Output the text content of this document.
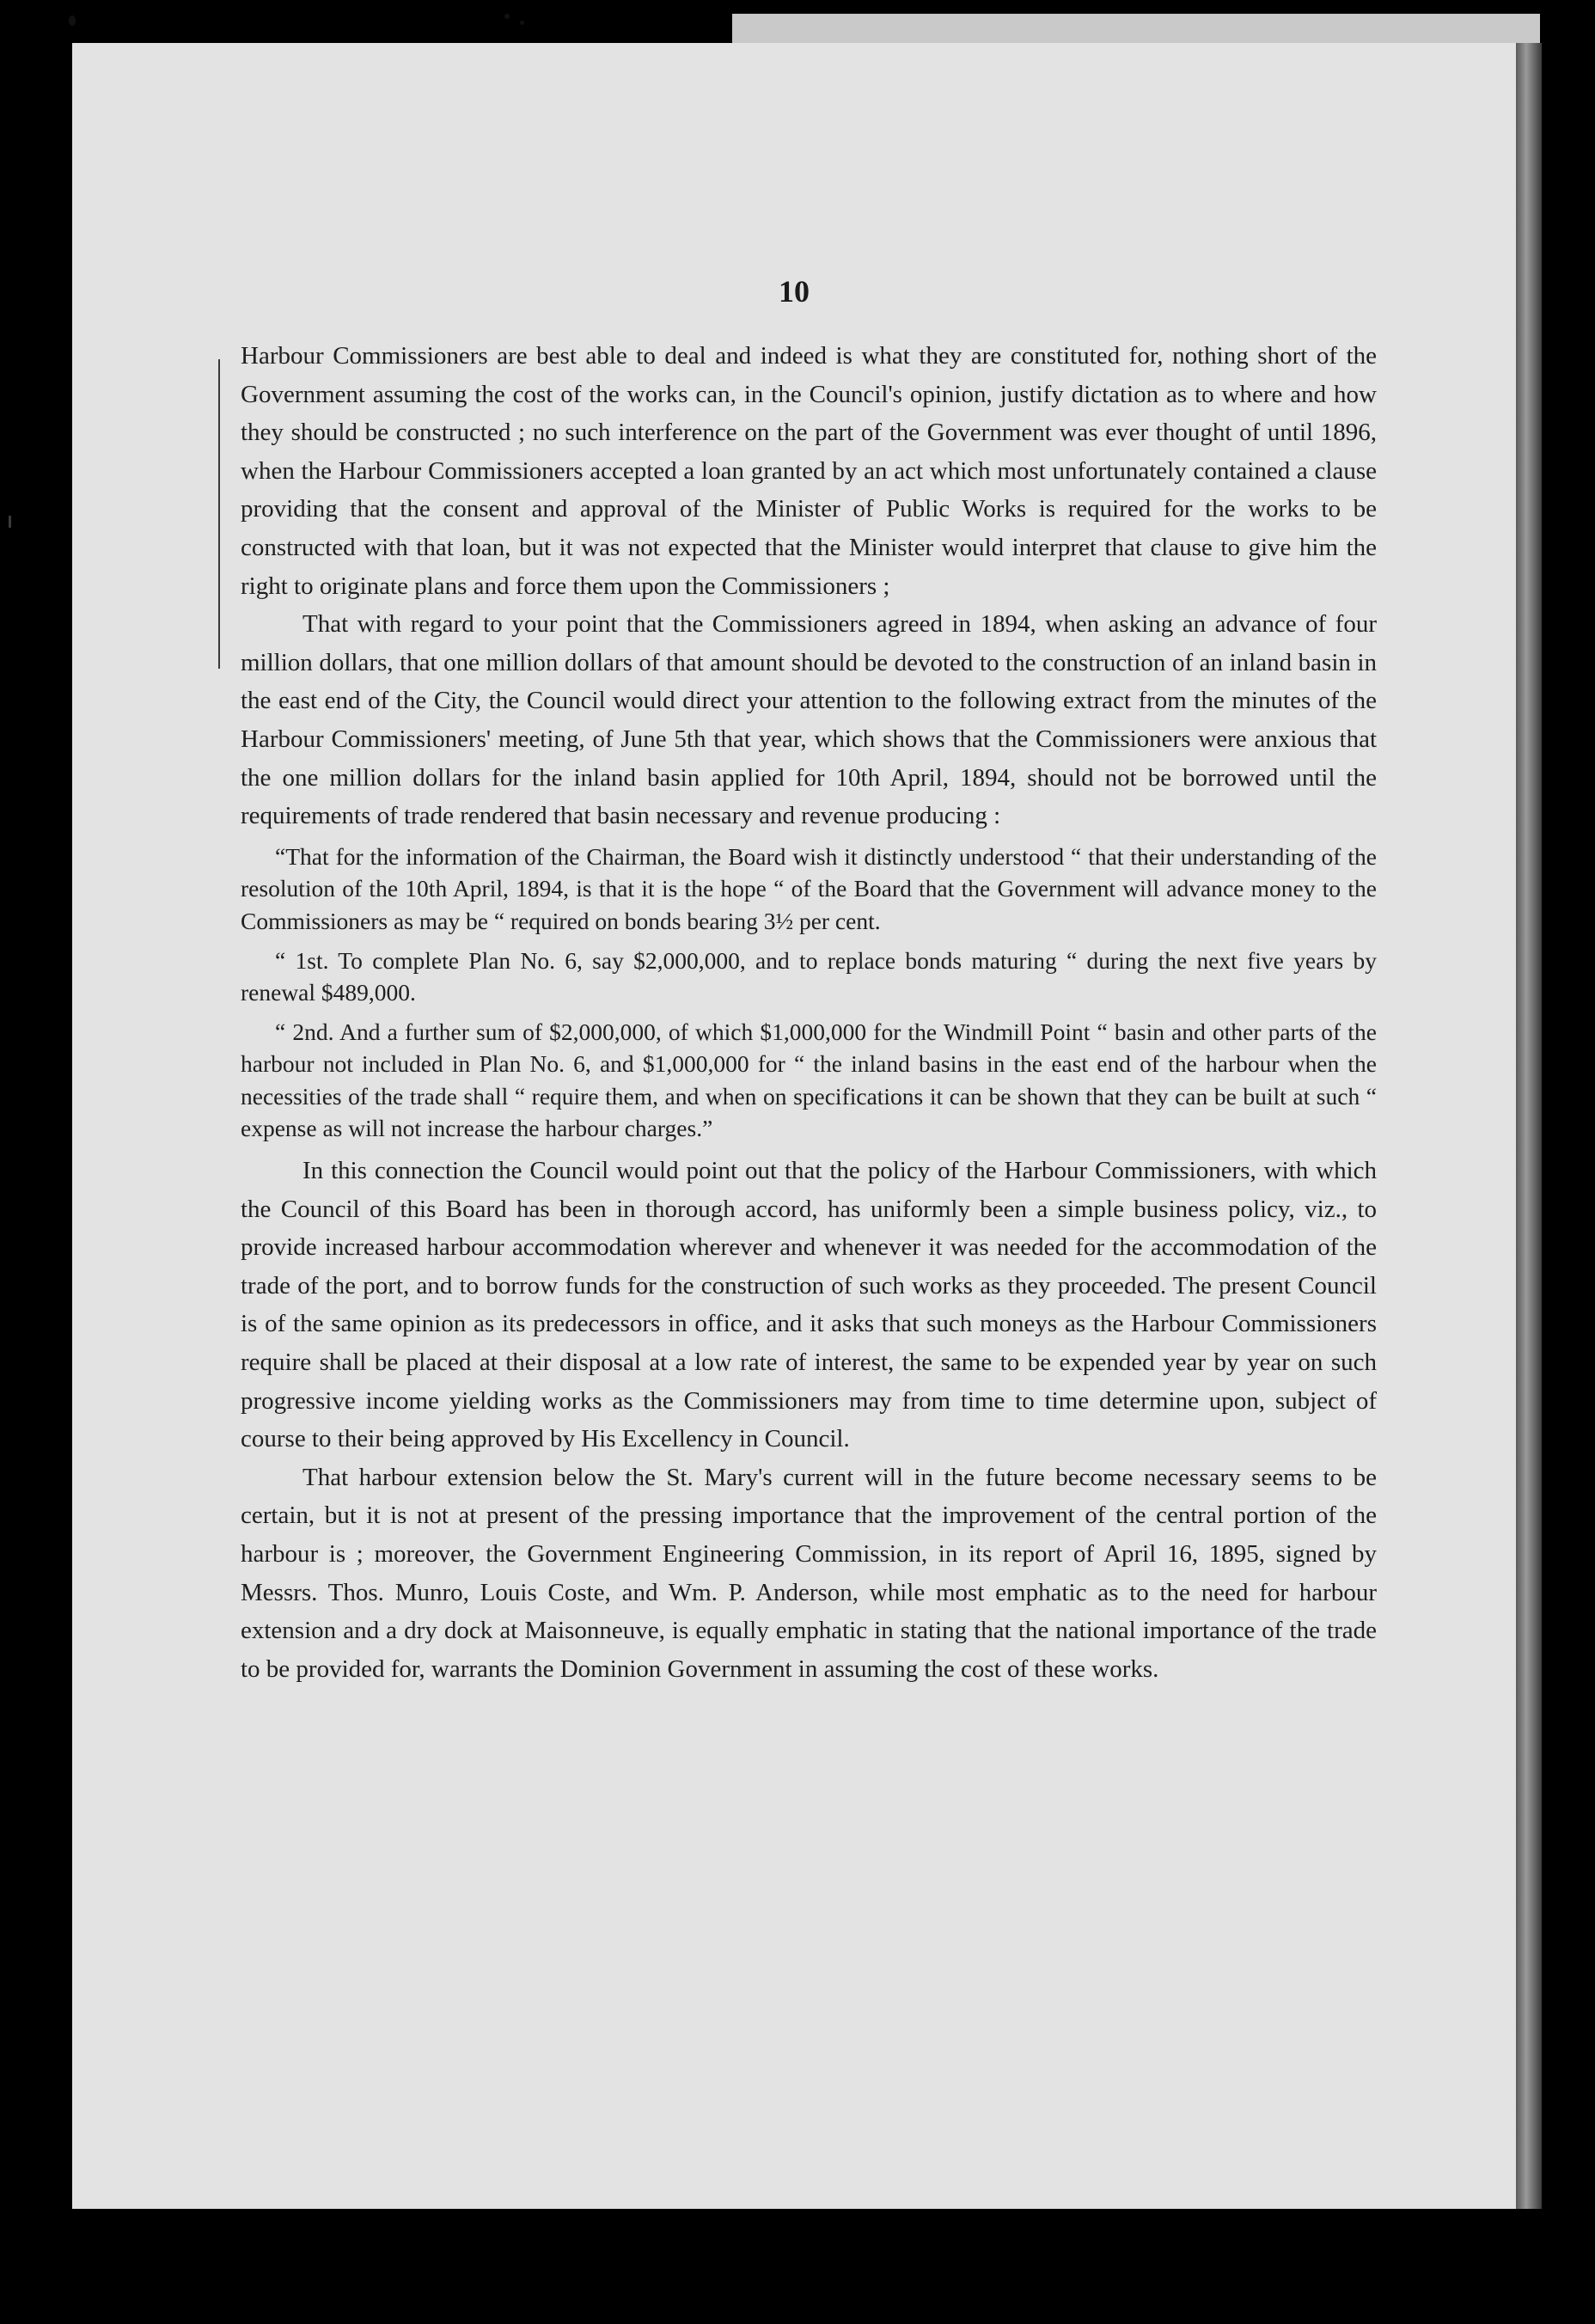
10

Harbour Commissioners are best able to deal and indeed is what they are constituted for, nothing short of the Government assuming the cost of the works can, in the Council's opinion, justify dictation as to where and how they should be constructed ; no such interference on the part of the Government was ever thought of until 1896, when the Harbour Commissioners accepted a loan granted by an act which most unfortunately contained a clause providing that the consent and approval of the Minister of Public Works is required for the works to be constructed with that loan, but it was not expected that the Minister would interpret that clause to give him the right to originate plans and force them upon the Commissioners ;

That with regard to your point that the Commissioners agreed in 1894, when asking an advance of four million dollars, that one million dollars of that amount should be devoted to the construction of an inland basin in the east end of the City, the Council would direct your attention to the following extract from the minutes of the Harbour Commissioners' meeting, of June 5th that year, which shows that the Commissioners were anxious that the one million dollars for the inland basin applied for 10th April, 1894, should not be borrowed until the requirements of trade rendered that basin necessary and revenue producing :

“That for the information of the Chairman, the Board wish it distinctly understood “ that their understanding of the resolution of the 10th April, 1894, is that it is the hope “ of the Board that the Government will advance money to the Commissioners as may be “ required on bonds bearing 3½ per cent.

“ 1st. To complete Plan No. 6, say $2,000,000, and to replace bonds maturing “ during the next five years by renewal $489,000.

“ 2nd. And a further sum of $2,000,000, of which $1,000,000 for the Windmill Point “ basin and other parts of the harbour not included in Plan No. 6, and $1,000,000 for “ the inland basins in the east end of the harbour when the necessities of the trade shall “ require them, and when on specifications it can be shown that they can be built at such “ expense as will not increase the harbour charges.”

In this connection the Council would point out that the policy of the Harbour Commissioners, with which the Council of this Board has been in thorough accord, has uniformly been a simple business policy, viz., to provide increased harbour accommodation wherever and whenever it was needed for the accommodation of the trade of the port, and to borrow funds for the construction of such works as they proceeded. The present Council is of the same opinion as its predecessors in office, and it asks that such moneys as the Harbour Commissioners require shall be placed at their disposal at a low rate of interest, the same to be expended year by year on such progressive income yielding works as the Commissioners may from time to time determine upon, subject of course to their being approved by His Excellency in Council.

That harbour extension below the St. Mary's current will in the future become necessary seems to be certain, but it is not at present of the pressing importance that the improvement of the central portion of the harbour is ; moreover, the Government Engineering Commission, in its report of April 16, 1895, signed by Messrs. Thos. Munro, Louis Coste, and Wm. P. Anderson, while most emphatic as to the need for harbour extension and a dry dock at Maisonneuve, is equally emphatic in stating that the national importance of the trade to be provided for, warrants the Dominion Government in assuming the cost of these works.
